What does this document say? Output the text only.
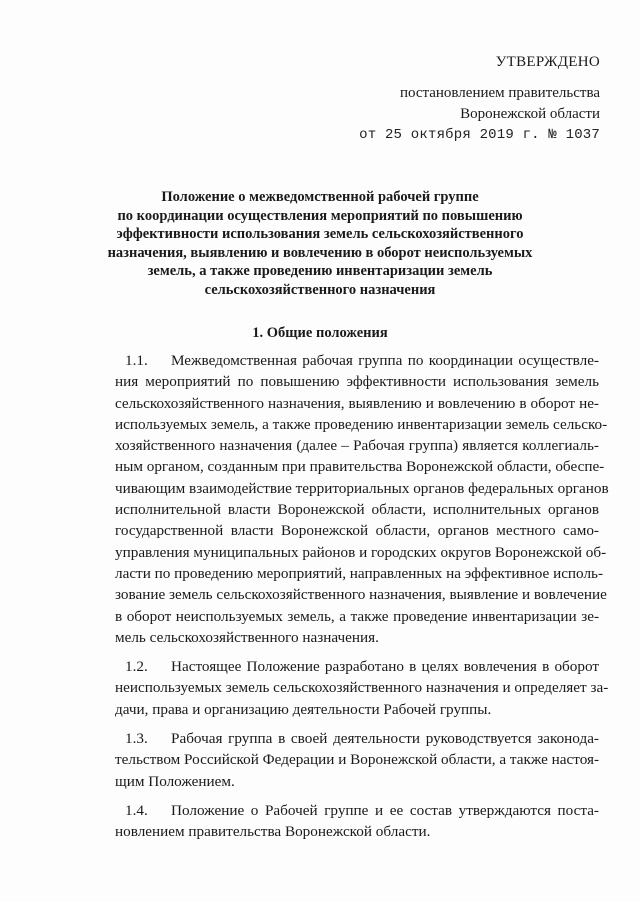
УТВЕРЖДЕНО
постановлением правительства
Воронежской области
от 25 октября 2019 г. № 1037
Положение о межведомственной рабочей группе
по координации осуществления мероприятий по повышению
эффективности использования земель сельскохозяйственного
назначения, выявлению и вовлечению в оборот неиспользуемых
земель, а также проведению инвентаризации земель
сельскохозяйственного назначения
1. Общие положения
1.1. Межведомственная рабочая группа по координации осуществле-
ния мероприятий по повышению эффективности использования земель
сельскохозяйственного назначения, выявлению и вовлечению в оборот не-
используемых земель, а также проведению инвентаризации земель сельско-
хозяйственного назначения (далее – Рабочая группа) является коллегиаль-
ным органом, созданным при правительства Воронежской области, обеспе-
чивающим взаимодействие территориальных органов федеральных органов
исполнительной власти Воронежской области, исполнительных органов
государственной власти Воронежской области, органов местного само-
управления муниципальных районов и городских округов Воронежской об-
ласти по проведению мероприятий, направленных на эффективное исполь-
зование земель сельскохозяйственного назначения, выявление и вовлечение
в оборот неиспользуемых земель, а также проведение инвентаризации зе-
мель сельскохозяйственного назначения.
1.2. Настоящее Положение разработано в целях вовлечения в оборот
неиспользуемых земель сельскохозяйственного назначения и определяет за-
дачи, права и организацию деятельности Рабочей группы.
1.3. Рабочая группа в своей деятельности руководствуется законода-
тельством Российской Федерации и Воронежской области, а также настоя-
щим Положением.
1.4. Положение о Рабочей группе и ее состав утверждаются поста-
новлением правительства Воронежской области.
